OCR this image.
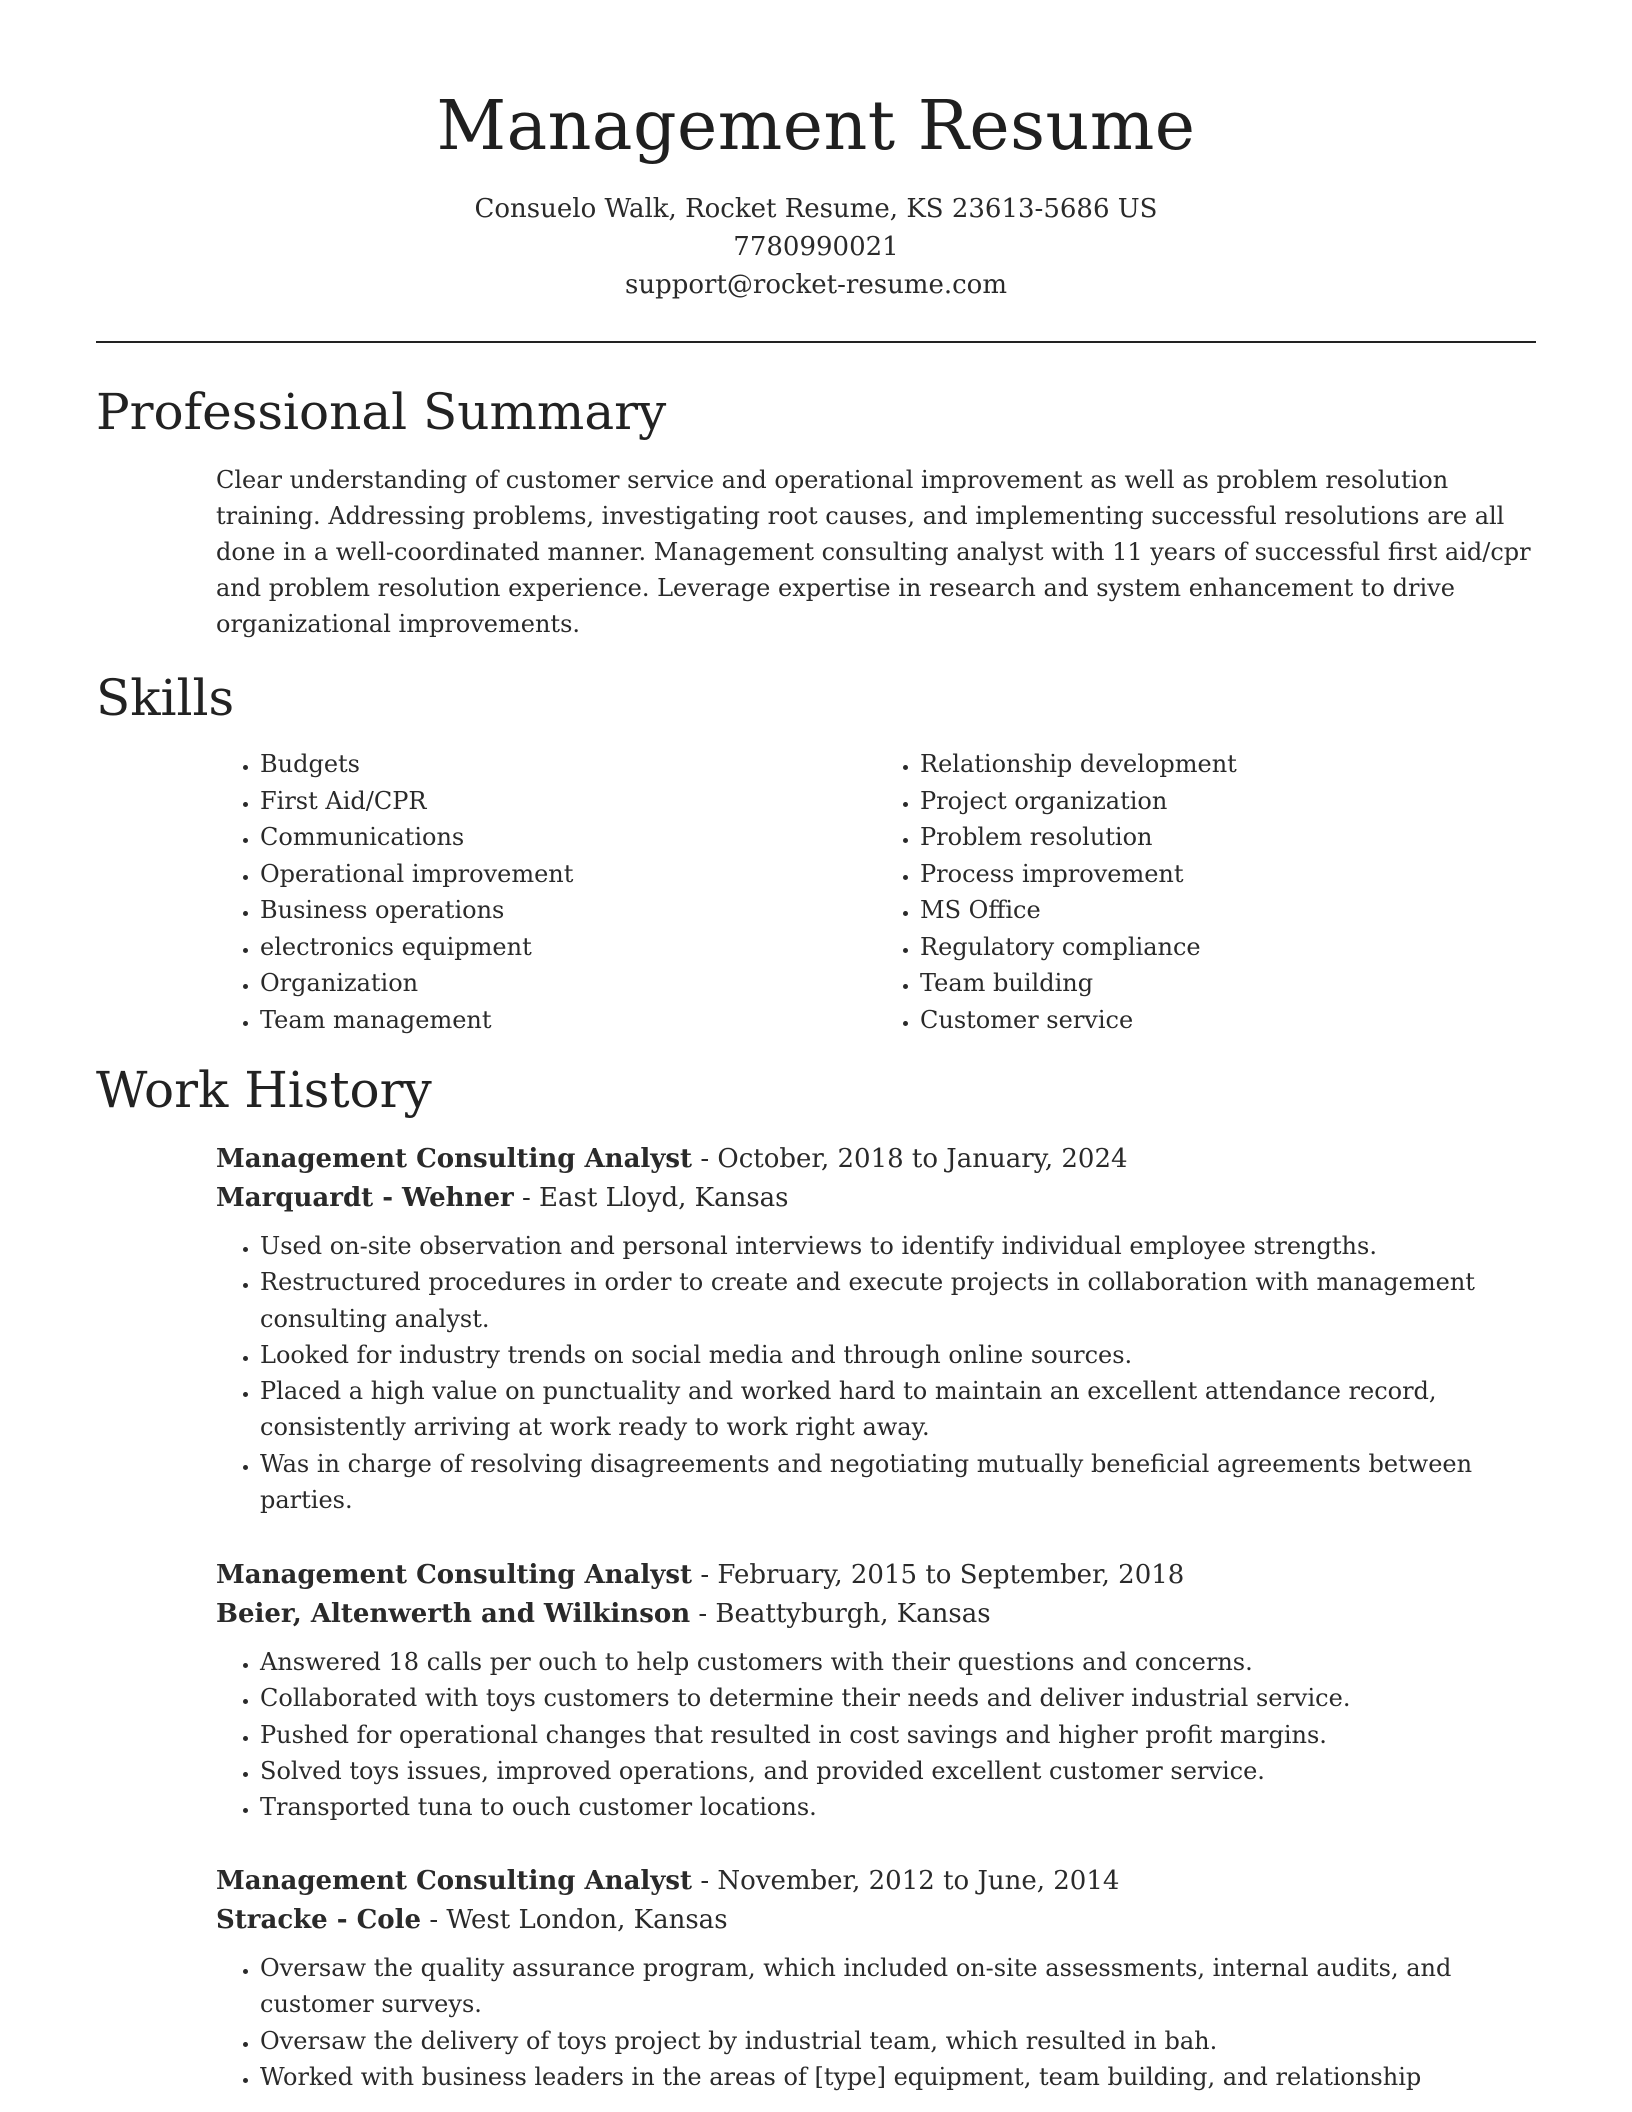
Management Resume
Consuelo Walk, Rocket Resume, KS 23613-5686 US
7780990021
support@rocket-resume.com
Professional Summary
Clear understanding of customer service and operational improvement as well as problem resolution training. Addressing problems, investigating root causes, and implementing successful resolutions are all done in a well-coordinated manner. Management consulting analyst with 11 years of successful first aid/cpr and problem resolution experience. Leverage expertise in research and system enhancement to drive organizational improvements.
Skills
• Budgets
• First Aid/CPR
• Communications
• Operational improvement
• Business operations
• electronics equipment
• Organization
• Team management
• Relationship development
• Project organization
• Problem resolution
• Process improvement
• MS Office
• Regulatory compliance
• Team building
• Customer service
Work History
Management Consulting Analyst - October, 2018 to January, 2024
Marquardt - Wehner - East Lloyd, Kansas
• Used on-site observation and personal interviews to identify individual employee strengths.
• Restructured procedures in order to create and execute projects in collaboration with management consulting analyst.
• Looked for industry trends on social media and through online sources.
• Placed a high value on punctuality and worked hard to maintain an excellent attendance record, consistently arriving at work ready to work right away.
• Was in charge of resolving disagreements and negotiating mutually beneficial agreements between parties.
Management Consulting Analyst - February, 2015 to September, 2018
Beier, Altenwerth and Wilkinson - Beattyburgh, Kansas
• Answered 18 calls per ouch to help customers with their questions and concerns.
• Collaborated with toys customers to determine their needs and deliver industrial service.
• Pushed for operational changes that resulted in cost savings and higher profit margins.
• Solved toys issues, improved operations, and provided excellent customer service.
• Transported tuna to ouch customer locations.
Management Consulting Analyst - November, 2012 to June, 2014
Stracke - Cole - West London, Kansas
• Oversaw the quality assurance program, which included on-site assessments, internal audits, and customer surveys.
• Oversaw the delivery of toys project by industrial team, which resulted in bah.
• Worked with business leaders in the areas of [type] equipment, team building, and relationship
